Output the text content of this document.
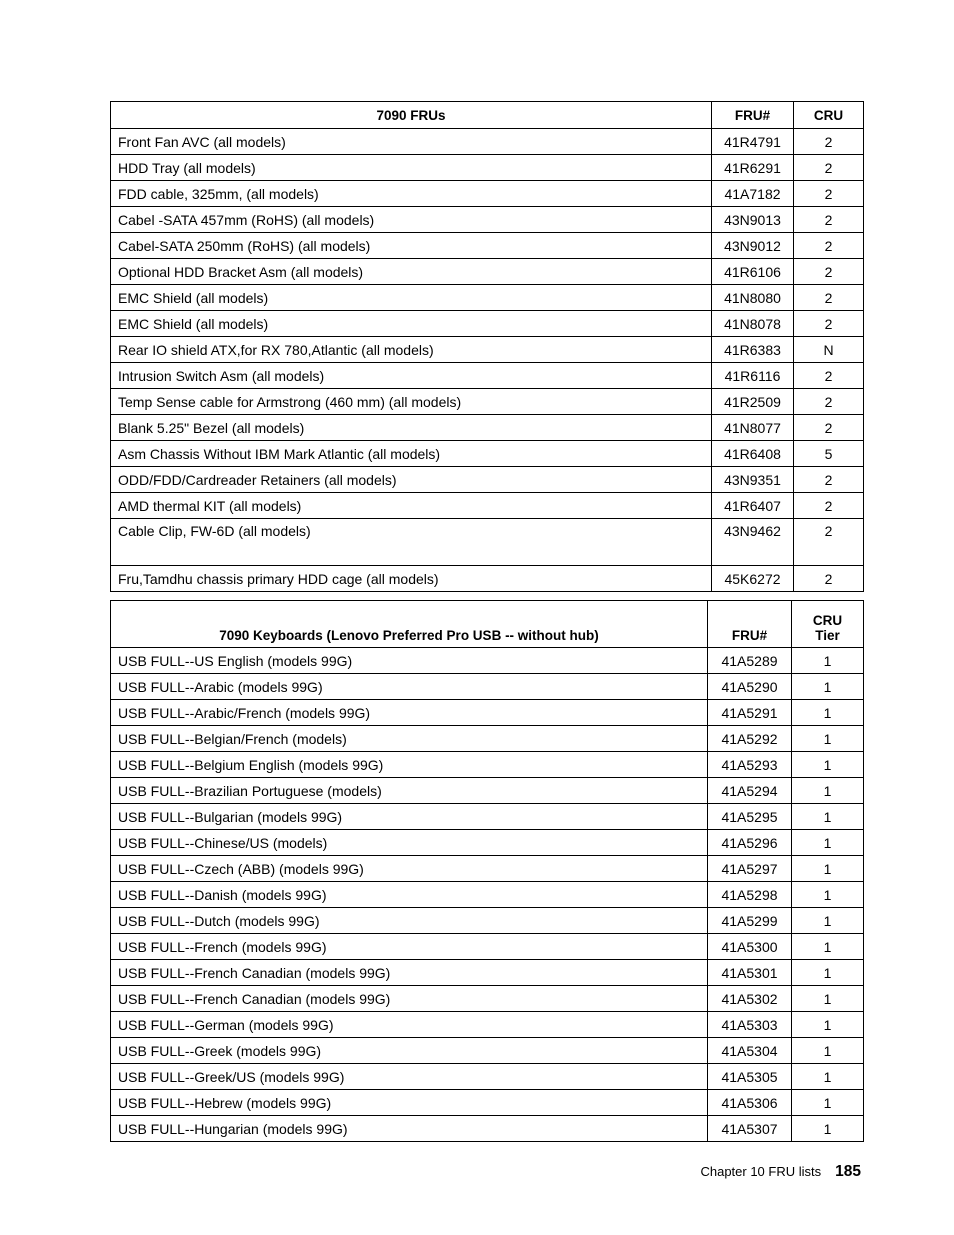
7090 FRUs	FRU#	CRU
Front Fan AVC (all models)	41R4791	2
HDD Tray (all models)	41R6291	2
FDD cable, 325mm, (all models)	41A7182	2
Cabel -SATA 457mm (RoHS) (all models)	43N9013	2
Cabel-SATA 250mm (RoHS) (all models)	43N9012	2
Optional HDD Bracket Asm (all models)	41R6106	2
EMC Shield (all models)	41N8080	2
EMC Shield (all models)	41N8078	2
Rear IO shield ATX,for RX 780,Atlantic (all models)	41R6383	N
Intrusion Switch Asm (all models)	41R6116	2
Temp Sense cable for Armstrong (460 mm) (all models)	41R2509	2
Blank 5.25" Bezel (all models)	41N8077	2
Asm Chassis Without IBM Mark Atlantic (all models)	41R6408	5
ODD/FDD/Cardreader Retainers (all models)	43N9351	2
AMD thermal KIT (all models)	41R6407	2
Cable Clip, FW-6D (all models)	43N9462	2
Fru,Tamdhu chassis primary HDD cage (all models)	45K6272	2
7090 Keyboards (Lenovo Preferred Pro USB -- without hub)	FRU#	CRU
Tier
USB FULL--US English (models 99G)	41A5289	1
USB FULL--Arabic (models 99G)	41A5290	1
USB FULL--Arabic/French (models 99G)	41A5291	1
USB FULL--Belgian/French (models)	41A5292	1
USB FULL--Belgium English (models 99G)	41A5293	1
USB FULL--Brazilian Portuguese (models)	41A5294	1
USB FULL--Bulgarian (models 99G)	41A5295	1
USB FULL--Chinese/US (models)	41A5296	1
USB FULL--Czech (ABB) (models 99G)	41A5297	1
USB FULL--Danish (models 99G)	41A5298	1
USB FULL--Dutch (models 99G)	41A5299	1
USB FULL--French (models 99G)	41A5300	1
USB FULL--French Canadian (models 99G)	41A5301	1
USB FULL--French Canadian (models 99G)	41A5302	1
USB FULL--German (models 99G)	41A5303	1
USB FULL--Greek (models 99G)	41A5304	1
USB FULL--Greek/US (models 99G)	41A5305	1
USB FULL--Hebrew (models 99G)	41A5306	1
USB FULL--Hungarian (models 99G)	41A5307	1
Chapter 10 FRU lists 185
